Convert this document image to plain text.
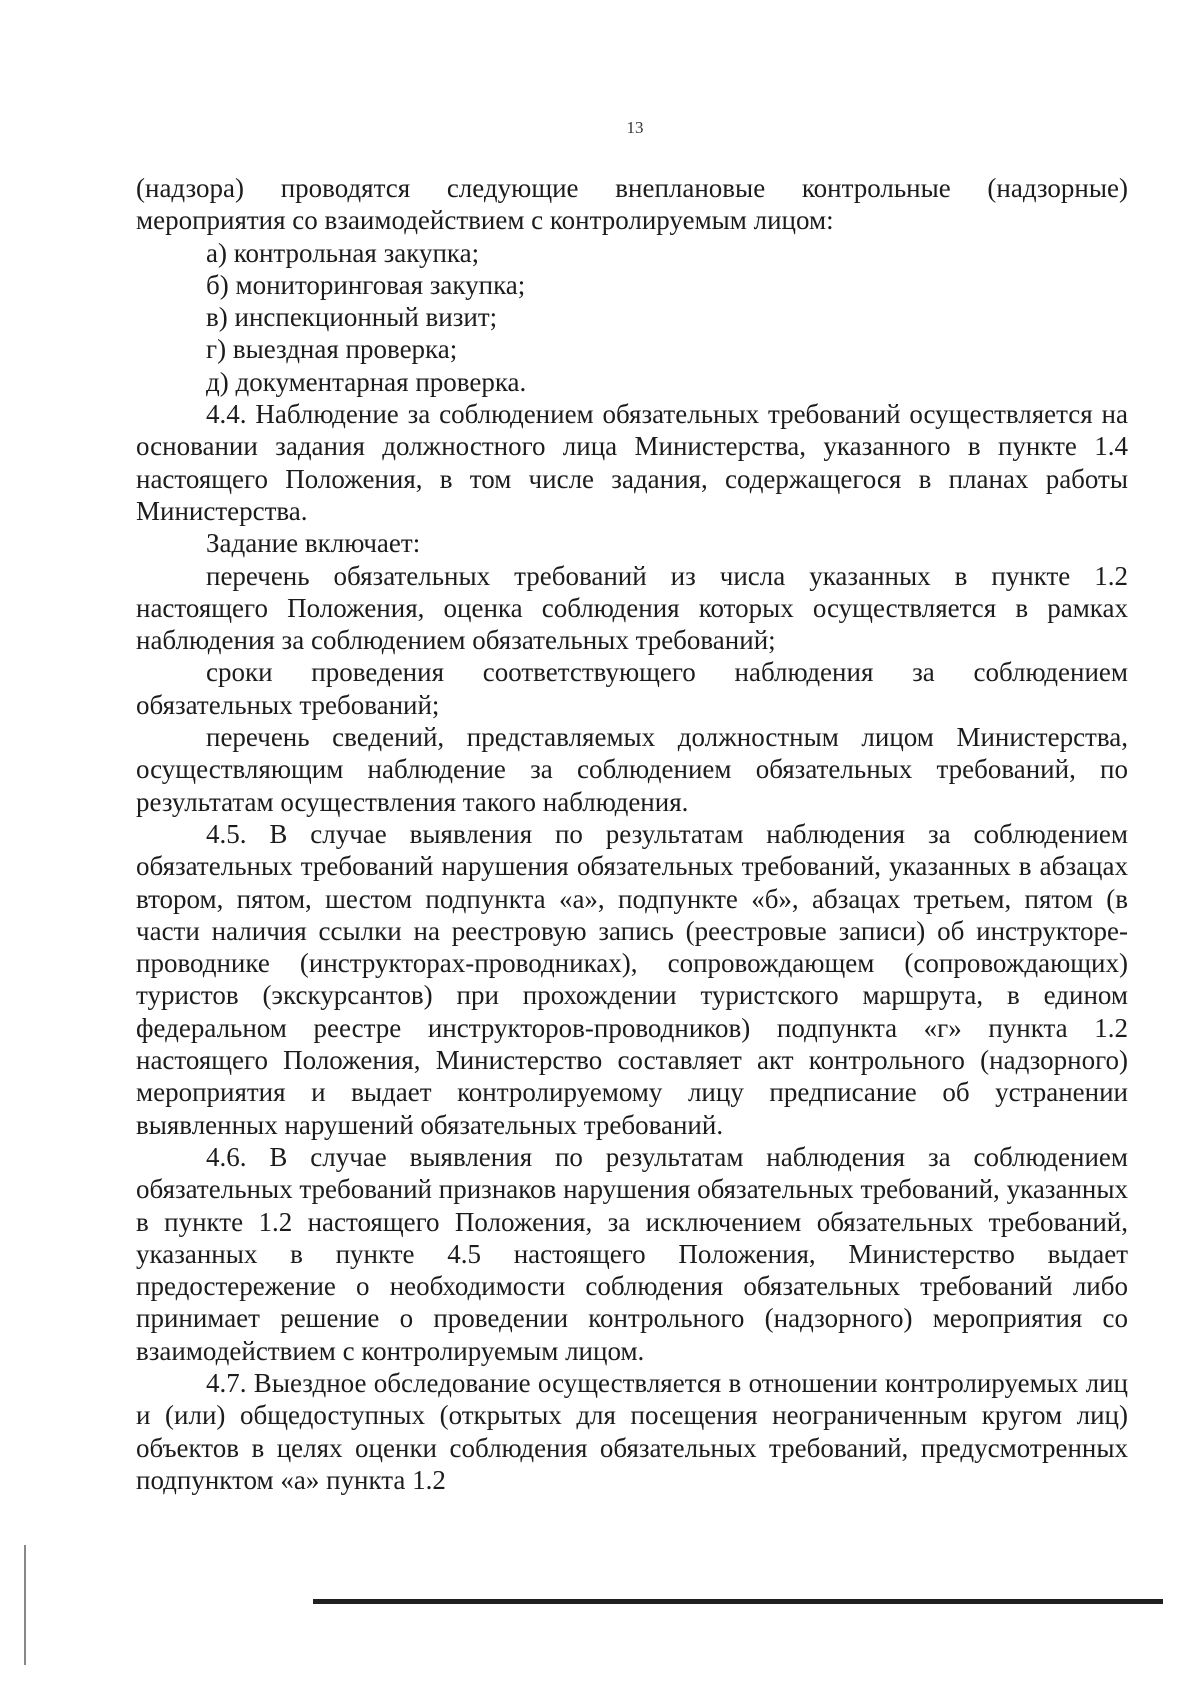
13

(надзора) проводятся следующие внеплановые контрольные (надзорные) мероприятия со взаимодействием с контролируемым лицом:

а) контрольная закупка;

б) мониторинговая закупка;

в) инспекционный визит;

г) выездная проверка;

д) документарная проверка.

4.4. Наблюдение за соблюдением обязательных требований осуществляется на основании задания должностного лица Министерства, указанного в пункте 1.4 настоящего Положения, в том числе задания, содержащегося в планах работы Министерства.

Задание включает:

перечень обязательных требований из числа указанных в пункте 1.2 настоящего Положения, оценка соблюдения которых осуществляется в рамках наблюдения за соблюдением обязательных требований;

сроки проведения соответствующего наблюдения за соблюдением обязательных требований;

перечень сведений, представляемых должностным лицом Министерства, осуществляющим наблюдение за соблюдением обязательных требований, по результатам осуществления такого наблюдения.

4.5. В случае выявления по результатам наблюдения за соблюдением обязательных требований нарушения обязательных требований, указанных в абзацах втором, пятом, шестом подпункта «а», подпункте «б», абзацах третьем, пятом (в части наличия ссылки на реестровую запись (реестровые записи) об инструкторе-проводнике (инструкторах-проводниках), сопровождающем (сопровождающих) туристов (экскурсантов) при прохождении туристского маршрута, в едином федеральном реестре инструкторов-проводников) подпункта «г» пункта 1.2 настоящего Положения, Министерство составляет акт контрольного (надзорного) мероприятия и выдает контролируемому лицу предписание об устранении выявленных нарушений обязательных требований.

4.6. В случае выявления по результатам наблюдения за соблюдением обязательных требований признаков нарушения обязательных требований, указанных в пункте 1.2 настоящего Положения, за исключением обязательных требований, указанных в пункте 4.5 настоящего Положения, Министерство выдает предостережение о необходимости соблюдения обязательных требований либо принимает решение о проведении контрольного (надзорного) мероприятия со взаимодействием с контролируемым лицом.

4.7. Выездное обследование осуществляется в отношении контролируемых лиц и (или) общедоступных (открытых для посещения неограниченным кругом лиц) объектов в целях оценки соблюдения обязательных требований, предусмотренных подпунктом «а» пункта 1.2
